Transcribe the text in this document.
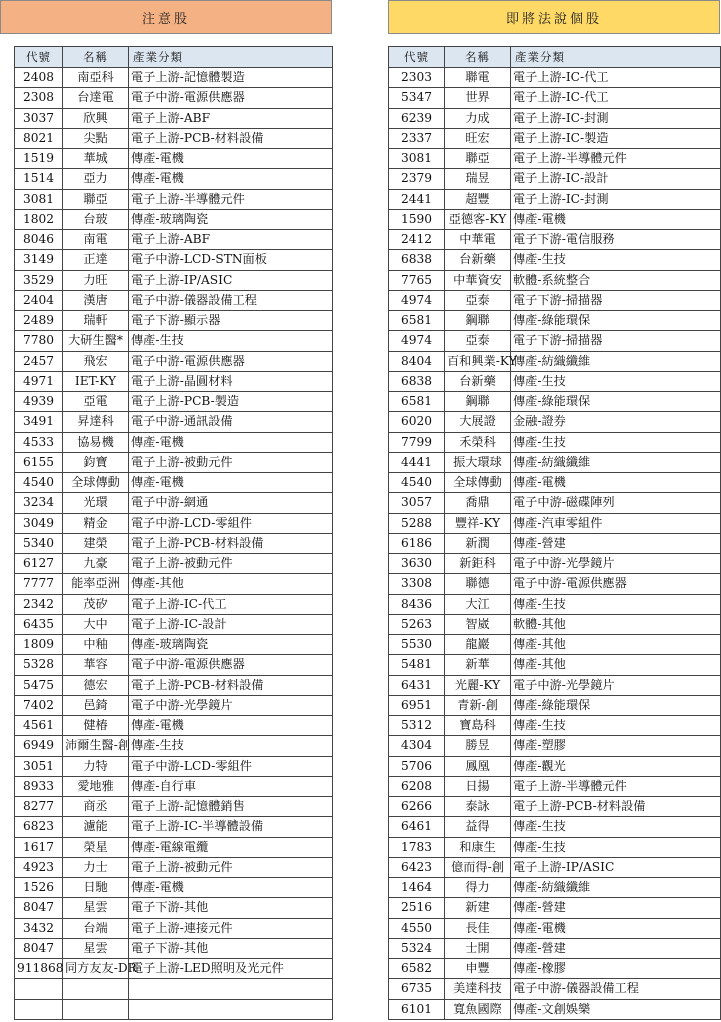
注意股	即將法說個股
代號	名稱	產業分類
2408	南亞科	電子上游-記憶體製造
2308	台達電	電子中游-電源供應器
3037	欣興	電子上游-ABF
8021	尖點	電子上游-PCB-材料設備
1519	華城	傳產-電機
1514	亞力	傳產-電機
3081	聯亞	電子上游-半導體元件
1802	台玻	傳產-玻璃陶瓷
8046	南電	電子上游-ABF
3149	正達	電子中游-LCD-STN面板
3529	力旺	電子上游-IP/ASIC
2404	漢唐	電子中游-儀器設備工程
2489	瑞軒	電子下游-顯示器
7780	大研生醫*	傳產-生技
2457	飛宏	電子中游-電源供應器
4971	IET-KY	電子上游-晶圓材料
4939	亞電	電子上游-PCB-製造
3491	昇達科	電子中游-通訊設備
4533	協易機	傳產-電機
6155	鈞寶	電子上游-被動元件
4540	全球傳動	傳產-電機
3234	光環	電子中游-網通
3049	精金	電子中游-LCD-零組件
5340	建榮	電子上游-PCB-材料設備
6127	九豪	電子上游-被動元件
7777	能率亞洲	傳產-其他
2342	茂矽	電子上游-IC-代工
6435	大中	電子上游-IC-設計
1809	中釉	傳產-玻璃陶瓷
5328	華容	電子中游-電源供應器
5475	德宏	電子上游-PCB-材料設備
7402	邑錡	電子中游-光學鏡片
4561	健椿	傳產-電機
6949	沛爾生醫-創	傳產-生技
3051	力特	電子中游-LCD-零組件
8933	愛地雅	傳產-自行車
8277	商丞	電子上游-記憶體銷售
6823	濾能	電子上游-IC-半導體設備
1617	榮星	傳產-電線電纜
4923	力士	電子上游-被動元件
1526	日馳	傳產-電機
8047	星雲	電子下游-其他
3432	台端	電子上游-連接元件
8047	星雲	電子下游-其他
911868	同方友友-DR	電子上游-LED照明及光元件

代號	名稱	產業分類
2303	聯電	電子上游-IC-代工
5347	世界	電子上游-IC-代工
6239	力成	電子上游-IC-封測
2337	旺宏	電子上游-IC-製造
3081	聯亞	電子上游-半導體元件
2379	瑞昱	電子上游-IC-設計
2441	超豐	電子上游-IC-封測
1590	亞德客-KY	傳產-電機
2412	中華電	電子下游-電信服務
6838	台新藥	傳產-生技
7765	中華資安	軟體-系統整合
4974	亞泰	電子下游-掃描器
6581	鋼聯	傳產-綠能環保
4974	亞泰	電子下游-掃描器
8404	百和興業-KY	傳產-紡織纖維
6838	台新藥	傳產-生技
6581	鋼聯	傳產-綠能環保
6020	大展證	金融-證券
7799	禾榮科	傳產-生技
4441	振大環球	傳產-紡織纖維
4540	全球傳動	傳產-電機
3057	喬鼎	電子中游-磁碟陣列
5288	豐祥-KY	傳產-汽車零組件
6186	新潤	傳產-營建
3630	新鉅科	電子中游-光學鏡片
3308	聯德	電子中游-電源供應器
8436	大江	傳產-生技
5263	智崴	軟體-其他
5530	龍巖	傳產-其他
5481	新華	傳產-其他
6431	光麗-KY	電子中游-光學鏡片
6951	青新-創	傳產-綠能環保
5312	寶島科	傳產-生技
4304	勝昱	傳產-塑膠
5706	鳳凰	傳產-觀光
6208	日揚	電子上游-半導體元件
6266	泰詠	電子上游-PCB-材料設備
6461	益得	傳產-生技
1783	和康生	傳產-生技
6423	億而得-創	電子上游-IP/ASIC
1464	得力	傳產-紡織纖維
2516	新建	傳產-營建
4550	長佳	傳產-電機
5324	士開	傳產-營建
6582	申豐	傳產-橡膠
6735	美達科技	電子中游-儀器設備工程
6101	寬魚國際	傳產-文創娛樂
